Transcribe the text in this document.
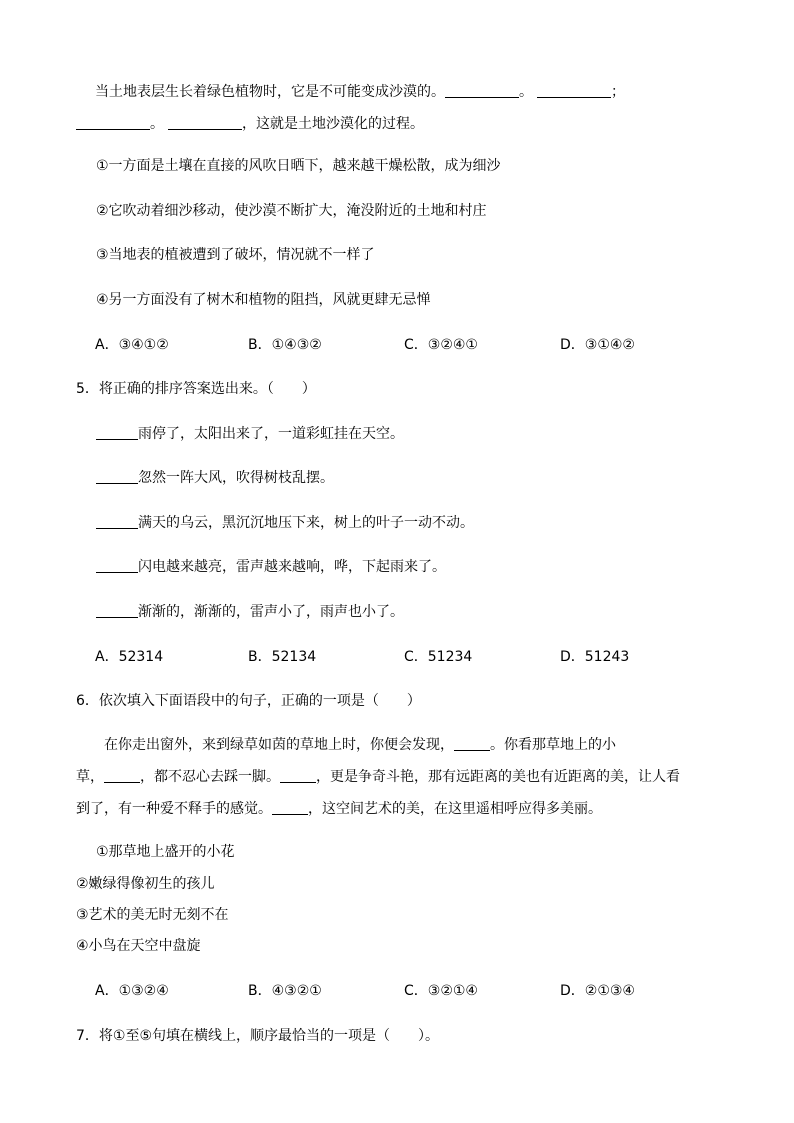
当土地表层生长着绿色植物时，它是不可能变成沙漠的。	。	；
。	，这就是土地沙漠化的过程。
①一方面是土壤在直接的风吹日晒下，越来越干燥松散，成为细沙
②它吹动着细沙移动，使沙漠不断扩大，淹没附近的土地和村庄
③当地表的植被遭到了破坏，情况就不一样了
④另一方面没有了树木和植物的阻挡，风就更肆无忌惮
A．③④①②	B．①④③②	C．③②④①	D．③①④②
5．将正确的排序答案选出来。（　　）
雨停了，太阳出来了，一道彩虹挂在天空。
忽然一阵大风，吹得树枝乱摆。
满天的乌云，黑沉沉地压下来，树上的叶子一动不动。
闪电越来越亮，雷声越来越响，哗，下起雨来了。
渐渐的，渐渐的，雷声小了，雨声也小了。
A．52314	B．52134	C．51234	D．51243
6．依次填入下面语段中的句子，正确的一项是（　　）
在你走出窗外，来到绿草如茵的草地上时，你便会发现，	。你看那草地上的小
草，	，都不忍心去踩一脚。	，更是争奇斗艳，那有远距离的美也有近距离的美，让人看
到了，有一种爱不释手的感觉。	，这空间艺术的美，在这里遥相呼应得多美丽。
①那草地上盛开的小花
②嫩绿得像初生的孩儿
③艺术的美无时无刻不在
④小鸟在天空中盘旋
A．①③②④	B．④③②①	C．③②①④	D．②①③④
7．将①至⑤句填在横线上，顺序最恰当的一项是（　　）。
